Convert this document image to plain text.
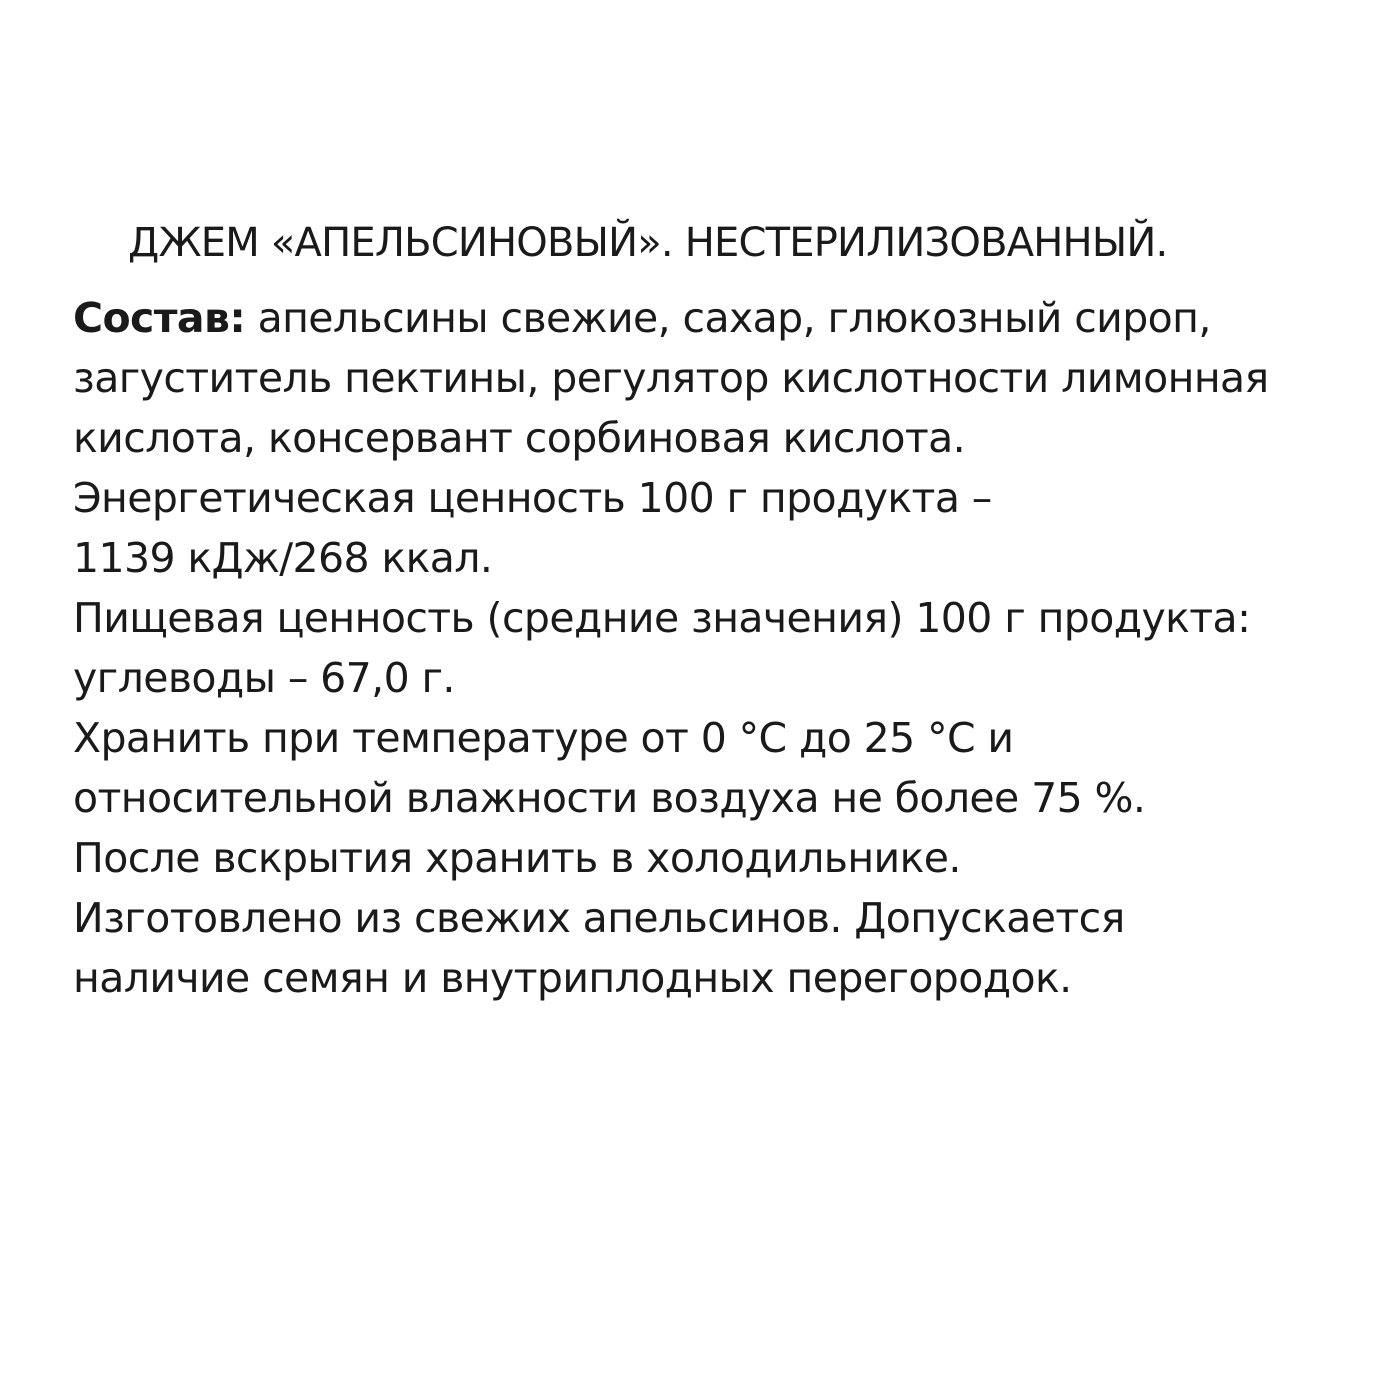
ДЖЕМ «АПЕЛЬСИНОВЫЙ». НЕСТЕРИЛИЗОВАННЫЙ.
Состав: апельсины свежие, сахар, глюкозный сироп,
загуститель пектины, регулятор кислотности лимонная
кислота, консервант сорбиновая кислота.
Энергетическая ценность 100 г продукта –
1139 кДж/268 ккал.
Пищевая ценность (средние значения) 100 г продукта:
углеводы – 67,0 г.
Хранить при температуре от 0 °С до 25 °С и
относительной влажности воздуха не более 75 %.
После вскрытия хранить в холодильнике.
Изготовлено из свежих апельсинов. Допускается
наличие семян и внутриплодных перегородок.
